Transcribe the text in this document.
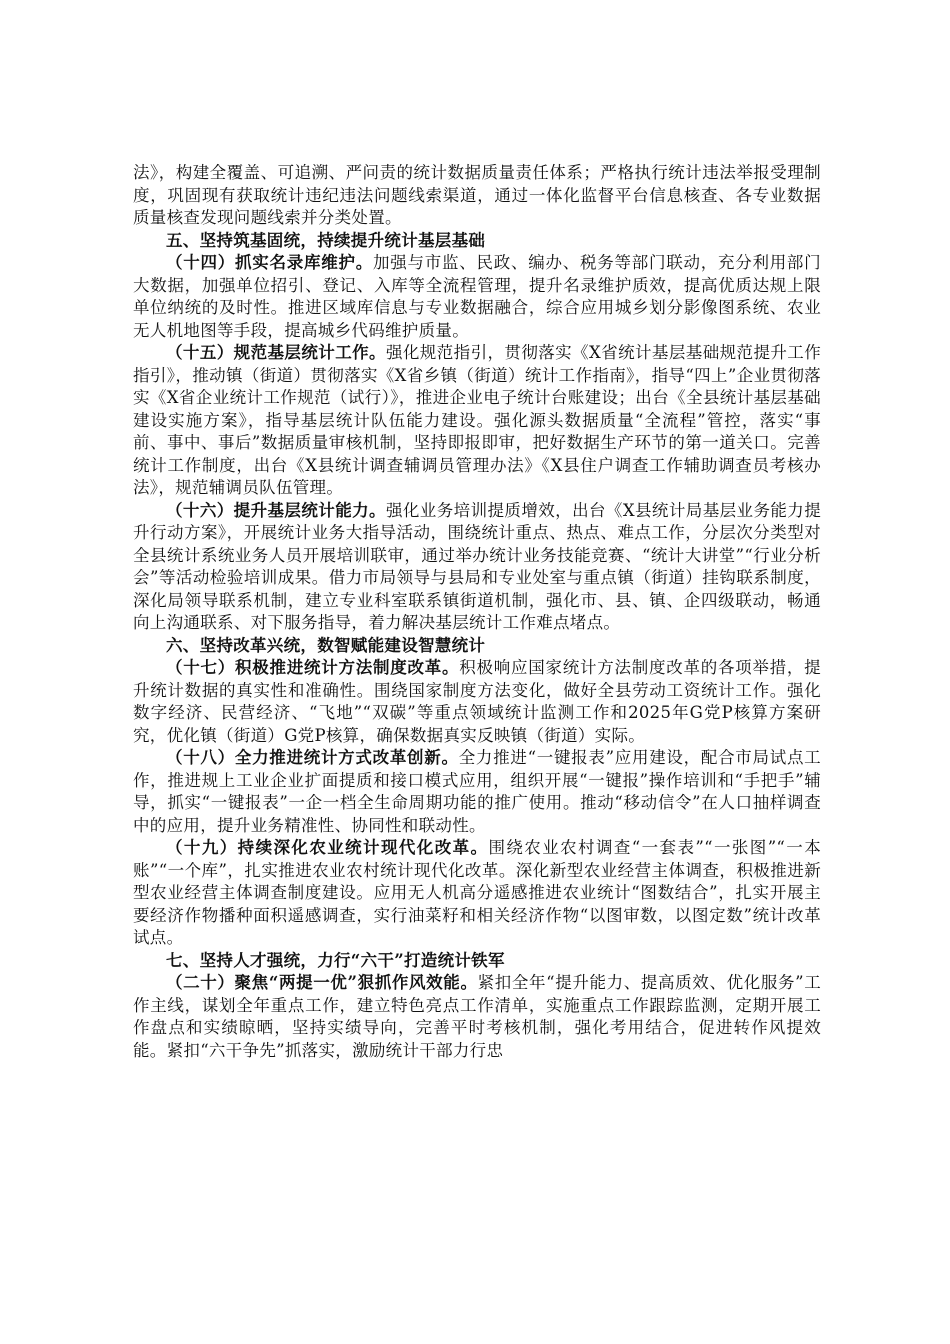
法》，构建全覆盖、可追溯、严问责的统计数据质量责任体系；严格执行统计违法举报受理制度，巩固现有获取统计违纪违法问题线索渠道，通过一体化监督平台信息核查、各专业数据质量核查发现问题线索并分类处置。

五、坚持筑基固统，持续提升统计基层基础

（十四）抓实名录库维护。加强与市监、民政、编办、税务等部门联动，充分利用部门大数据，加强单位招引、登记、入库等全流程管理，提升名录维护质效，提高优质达规上限单位纳统的及时性。推进区域库信息与专业数据融合，综合应用城乡划分影像图系统、农业无人机地图等手段，提高城乡代码维护质量。

（十五）规范基层统计工作。强化规范指引，贯彻落实《X省统计基层基础规范提升工作指引》，推动镇（街道）贯彻落实《X省乡镇（街道）统计工作指南》，指导“四上”企业贯彻落实《X省企业统计工作规范（试行）》，推进企业电子统计台账建设；出台《全县统计基层基础建设实施方案》，指导基层统计队伍能力建设。强化源头数据质量“全流程”管控，落实“事前、事中、事后”数据质量审核机制，坚持即报即审，把好数据生产环节的第一道关口。完善统计工作制度，出台《X县统计调查辅调员管理办法》《X县住户调查工作辅助调查员考核办法》，规范辅调员队伍管理。

（十六）提升基层统计能力。强化业务培训提质增效，出台《X县统计局基层业务能力提升行动方案》，开展统计业务大指导活动，围绕统计重点、热点、难点工作，分层次分类型对全县统计系统业务人员开展培训联审，通过举办统计业务技能竞赛、“统计大讲堂”“行业分析会”等活动检验培训成果。借力市局领导与县局和专业处室与重点镇（街道）挂钩联系制度，深化局领导联系机制，建立专业科室联系镇街道机制，强化市、县、镇、企四级联动，畅通向上沟通联系、对下服务指导，着力解决基层统计工作难点堵点。

六、坚持改革兴统，数智赋能建设智慧统计

（十七）积极推进统计方法制度改革。积极响应国家统计方法制度改革的各项举措，提升统计数据的真实性和准确性。围绕国家制度方法变化，做好全县劳动工资统计工作。强化数字经济、民营经济、“飞地”“双碳”等重点领域统计监测工作和2025年G党P核算方案研究，优化镇（街道）G党P核算，确保数据真实反映镇（街道）实际。

（十八）全力推进统计方式改革创新。全力推进“一键报表”应用建设，配合市局试点工作，推进规上工业企业扩面提质和接口模式应用，组织开展“一键报”操作培训和“手把手”辅导，抓实“一键报表”一企一档全生命周期功能的推广使用。推动“移动信令”在人口抽样调查中的应用，提升业务精准性、协同性和联动性。

（十九）持续深化农业统计现代化改革。围绕农业农村调查“一套表”“一张图”“一本账”“一个库”，扎实推进农业农村统计现代化改革。深化新型农业经营主体调查，积极推进新型农业经营主体调查制度建设。应用无人机高分遥感推进农业统计“图数结合”，扎实开展主要经济作物播种面积遥感调查，实行油菜籽和相关经济作物“以图审数，以图定数”统计改革试点。

七、坚持人才强统，力行“六干”打造统计铁军

（二十）聚焦“两提一优”狠抓作风效能。紧扣全年“提升能力、提高质效、优化服务”工作主线，谋划全年重点工作，建立特色亮点工作清单，实施重点工作跟踪监测，定期开展工作盘点和实绩晾晒，坚持实绩导向，完善平时考核机制，强化考用结合，促进转作风提效能。紧扣“六干争先”抓落实，激励统计干部力行忠
